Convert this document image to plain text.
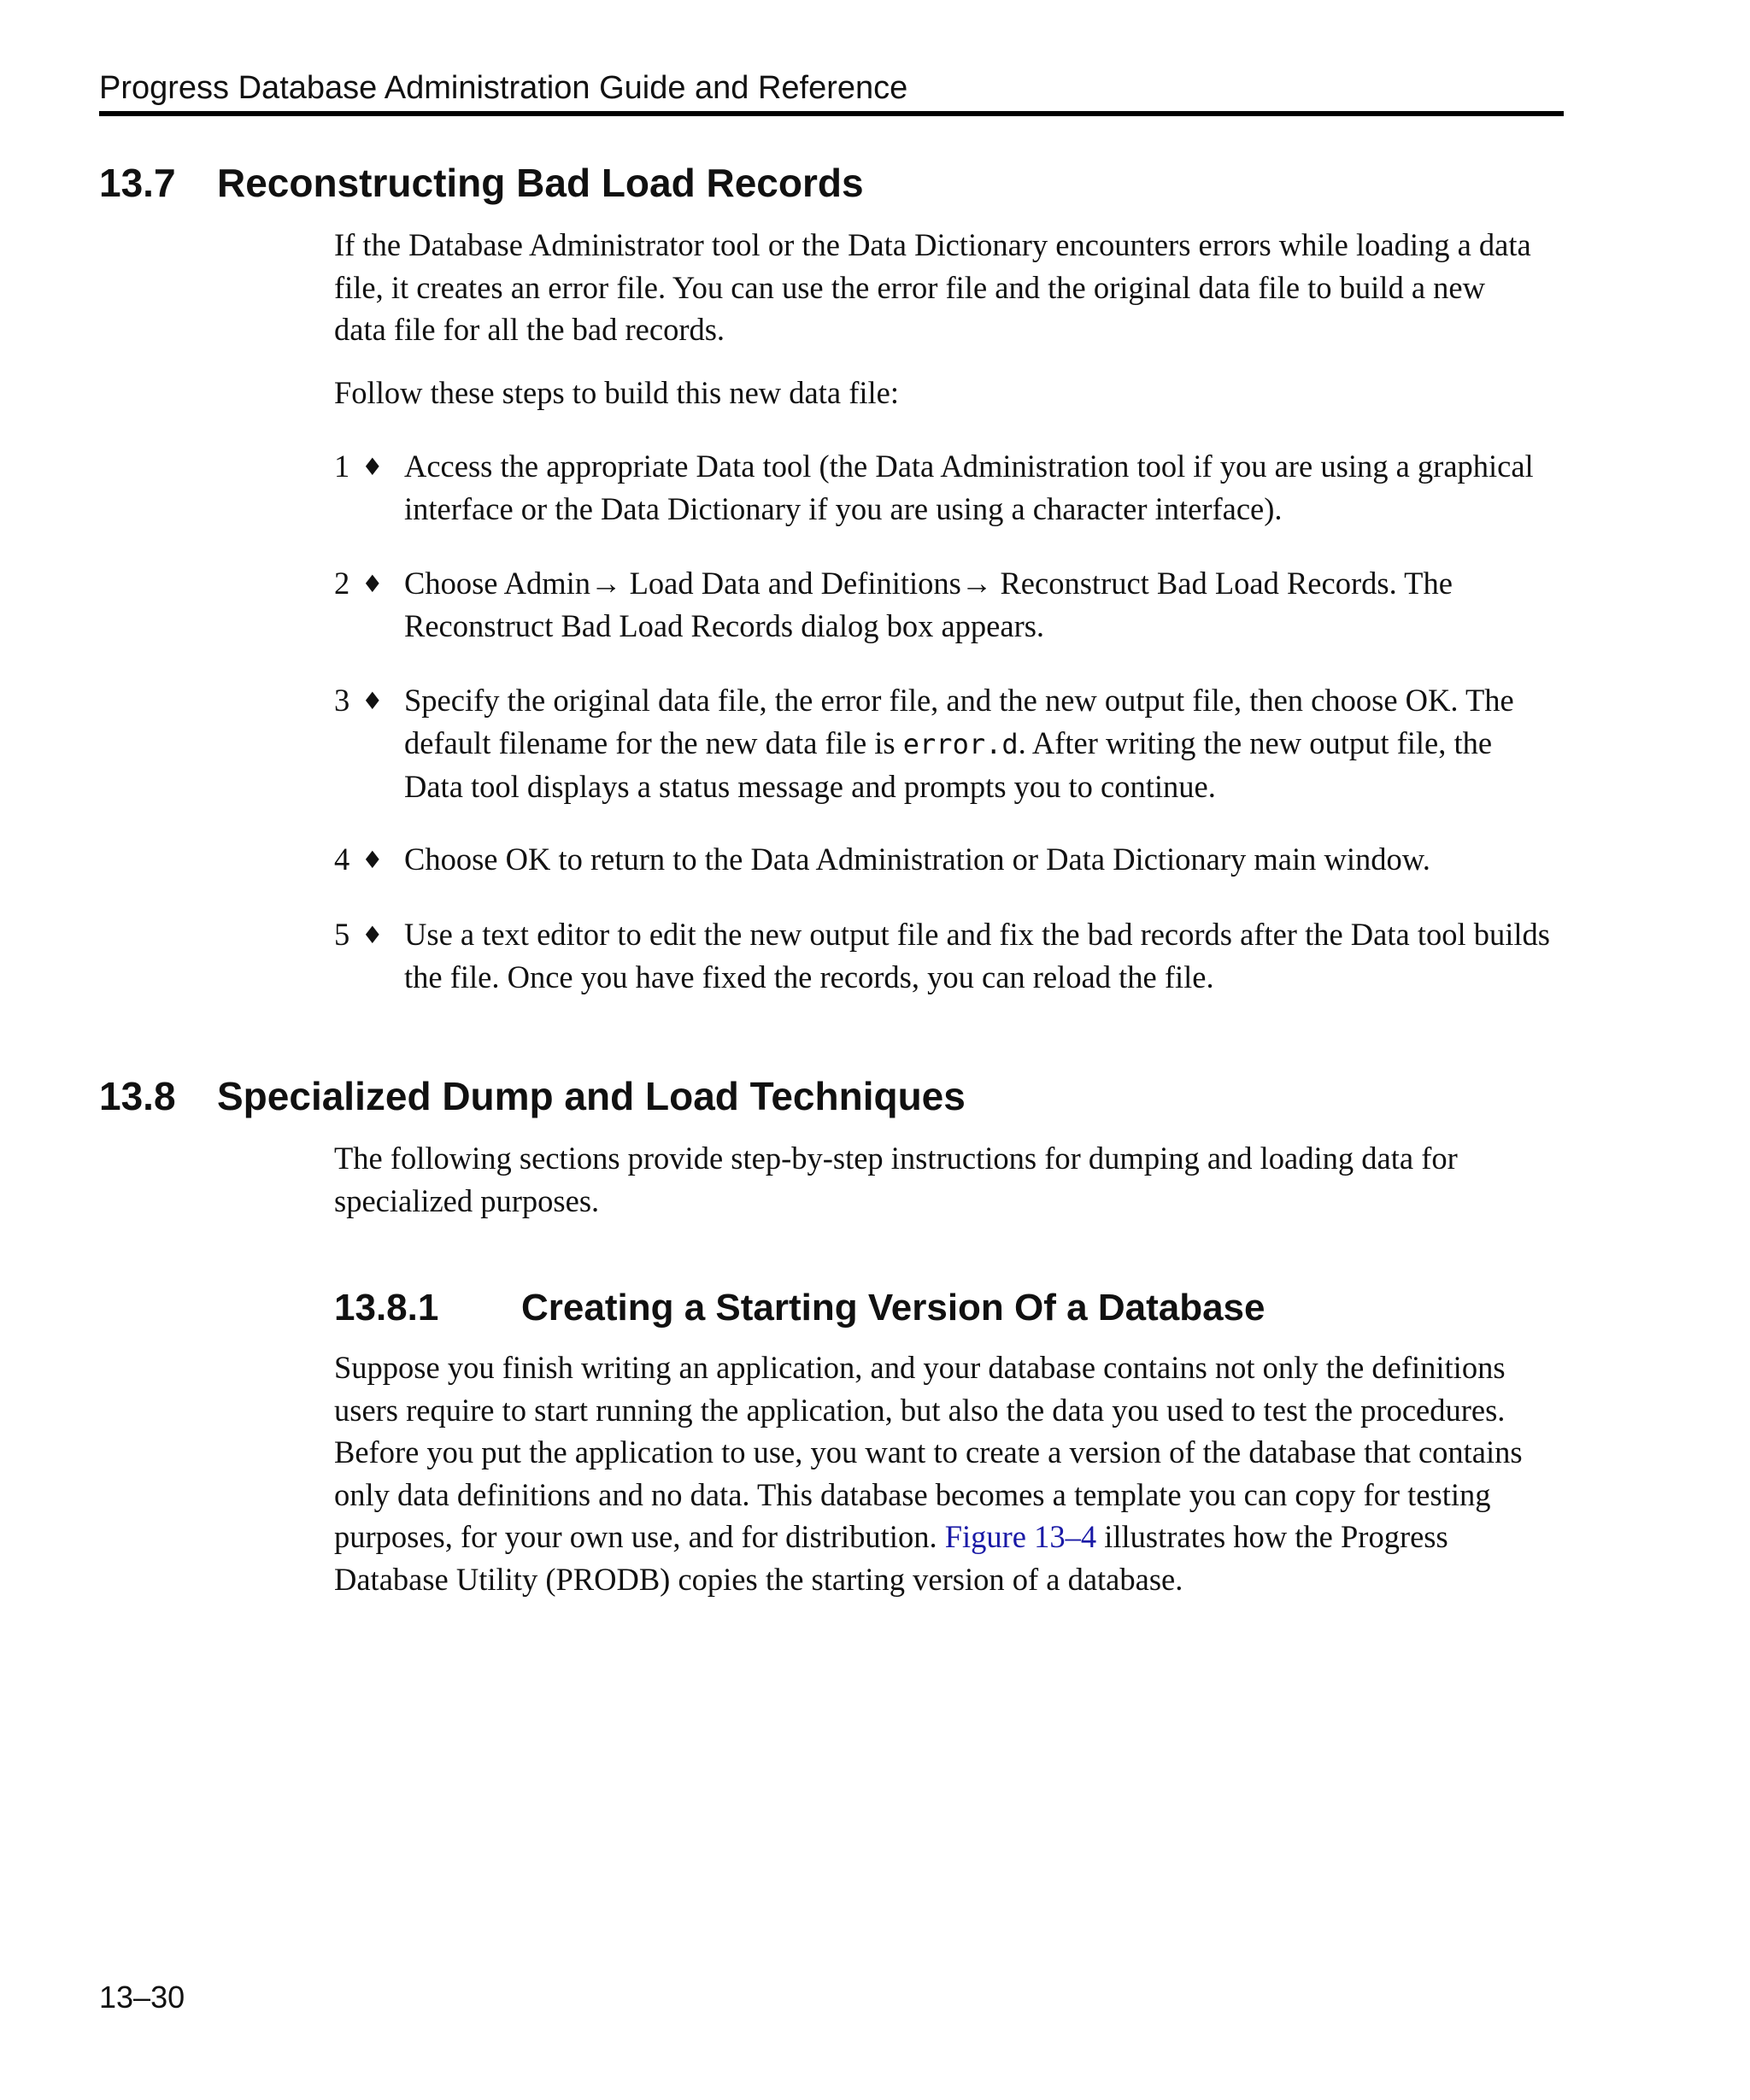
Progress Database Administration Guide and Reference
13.7 Reconstructing Bad Load Records
If the Database Administrator tool or the Data Dictionary encounters errors while loading a data
file, it creates an error file. You can use the error file and the original data file to build a new
data file for all the bad records.
Follow these steps to build this new data file:
1 ♦ Access the appropriate Data tool (the Data Administration tool if you are using a graphical
interface or the Data Dictionary if you are using a character interface).
2 ♦ Choose Admin→ Load Data and Definitions→ Reconstruct Bad Load Records. The
Reconstruct Bad Load Records dialog box appears.
3 ♦ Specify the original data file, the error file, and the new output file, then choose OK. The
default filename for the new data file is error.d. After writing the new output file, the
Data tool displays a status message and prompts you to continue.
4 ♦ Choose OK to return to the Data Administration or Data Dictionary main window.
5 ♦ Use a text editor to edit the new output file and fix the bad records after the Data tool builds
the file. Once you have fixed the records, you can reload the file.
13.8 Specialized Dump and Load Techniques
The following sections provide step-by-step instructions for dumping and loading data for
specialized purposes.
13.8.1 Creating a Starting Version Of a Database
Suppose you finish writing an application, and your database contains not only the definitions
users require to start running the application, but also the data you used to test the procedures.
Before you put the application to use, you want to create a version of the database that contains
only data definitions and no data. This database becomes a template you can copy for testing
purposes, for your own use, and for distribution. Figure 13–4 illustrates how the Progress
Database Utility (PRODB) copies the starting version of a database.
13–30
